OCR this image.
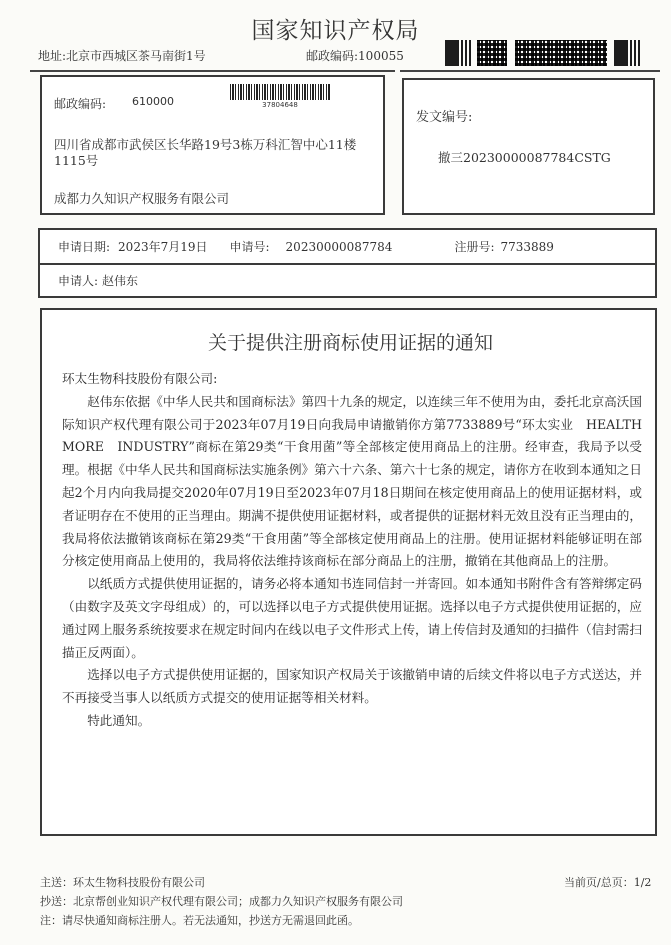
国家知识产权局
地址:北京市西城区茶马南街1号	邮政编码:100055
邮政编码: 610000
四川省成都市武侯区长华路19号3栋万科汇智中心11楼
1115号
成都力久知识产权服务有限公司
37804648
发文编号:
撤三20230000087784CSTG
申请日期: 2023年7月19日 申请号: 20230000087784	注册号: 7733889
申请人: 赵伟东
关于提供注册商标使用证据的通知

环太生物科技股份有限公司:

赵伟东依据《中华人民共和国商标法》第四十九条的规定，以连续三年不使用为由，委托北京高沃国际知识产权代理有限公司于2023年07月19日向我局申请撤销你方第7733889号“环太实业　HEALTH　MORE　INDUSTRY”商标在第29类“干食用菌”等全部核定使用商品上的注册。经审查，我局予以受理。根据《中华人民共和国商标法实施条例》第六十六条、第六十七条的规定，请你方在收到本通知之日起2个月内向我局提交2020年07月19日至2023年07月18日期间在核定使用商品上的使用证据材料，或者证明存在不使用的正当理由。期满不提供使用证据材料，或者提供的证据材料无效且没有正当理由的，我局将依法撤销该商标在第29类“干食用菌”等全部核定使用商品上的注册。使用证据材料能够证明在部分核定使用商品上使用的，我局将依法维持该商标在部分商品上的注册，撤销在其他商品上的注册。

以纸质方式提供使用证据的，请务必将本通知书连同信封一并寄回。如本通知书附件含有答辩绑定码（由数字及英文字母组成）的，可以选择以电子方式提供使用证据。选择以电子方式提供使用证据的，应通过网上服务系统按要求在规定时间内在线以电子文件形式上传，请上传信封及通知的扫描件（信封需扫描正反两面）。

选择以电子方式提供使用证据的，国家知识产权局关于该撤销申请的后续文件将以电子方式送达，并不再接受当事人以纸质方式提交的使用证据等相关材料。

特此通知。

主送：环太生物科技股份有限公司	当前页/总页：1/2
抄送：北京帮创业知识产权代理有限公司；成都力久知识产权服务有限公司
注：请尽快通知商标注册人。若无法通知，抄送方无需退回此函。
